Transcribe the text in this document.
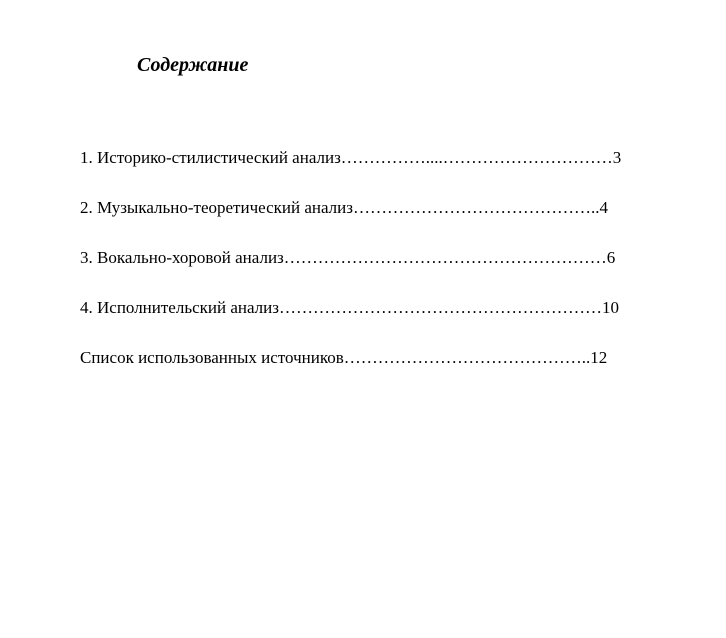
Содержание
1. Историко-стилистический анализ……………....…………………………3
2. Музыкально-теоретический анализ……………………………………..4
3. Вокально-хоровой анализ…………………………………………………6
4. Исполнительский анализ…………………………………………………10
Список использованных источников……………………………………..12
